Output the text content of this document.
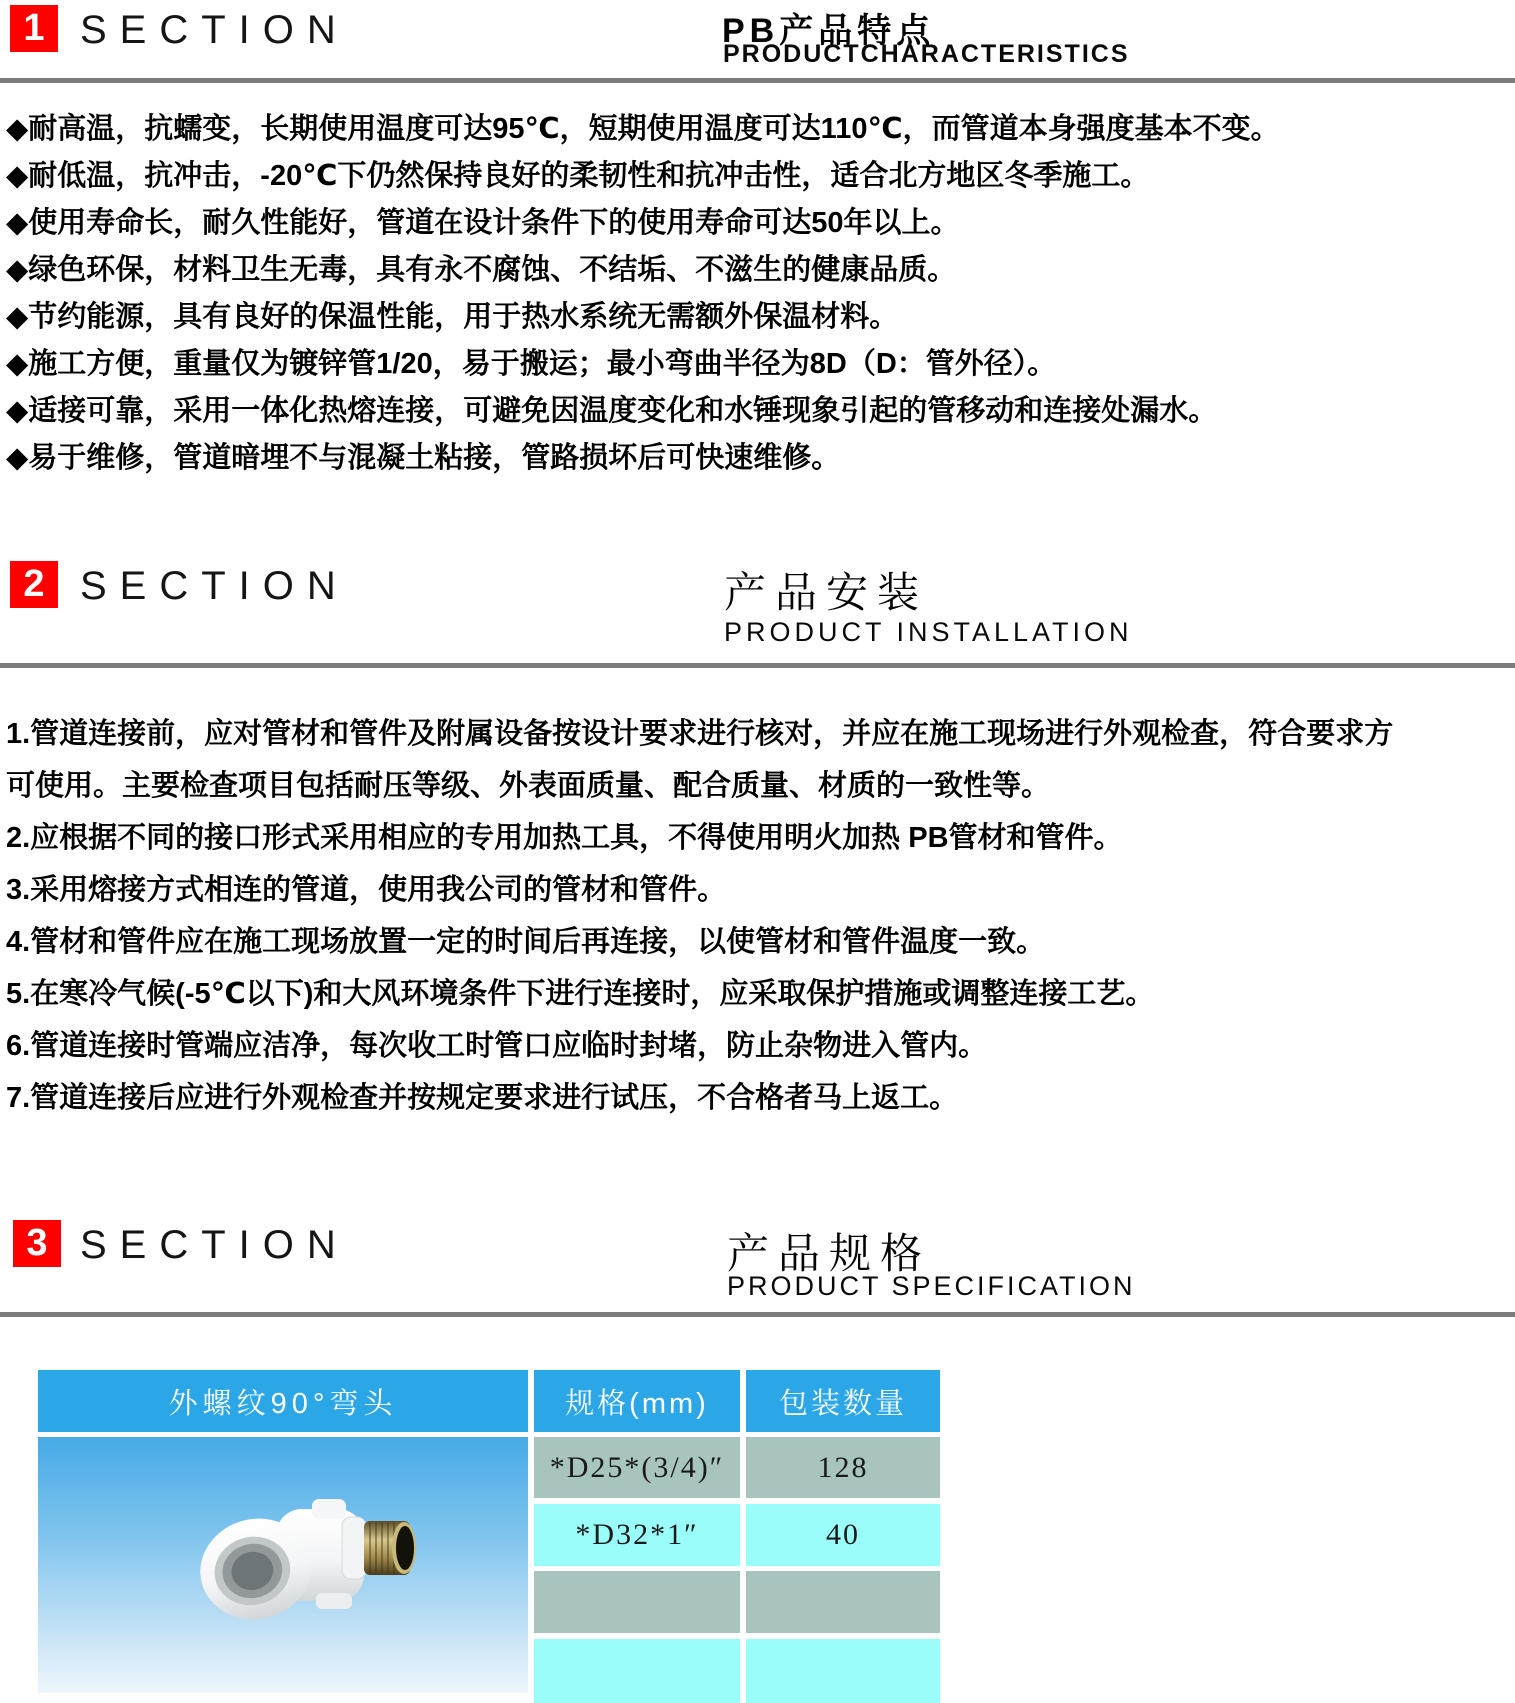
1 SECTION	PB产品特点
PRODUCTCHARACTERISTICS

◆耐高温，抗蠕变，长期使用温度可达95℃，短期使用温度可达110℃，而管道本身强度基本不变。

◆耐低温，抗冲击，-20℃下仍然保持良好的柔韧性和抗冲击性，适合北方地区冬季施工。

◆使用寿命长，耐久性能好，管道在设计条件下的使用寿命可达50年以上。

◆绿色环保，材料卫生无毒，具有永不腐蚀、不结垢、不滋生的健康品质。

◆节约能源，具有良好的保温性能，用于热水系统无需额外保温材料。

◆施工方便，重量仅为镀锌管1/20，易于搬运；最小弯曲半径为8D（D：管外径）。

◆适接可靠，采用一体化热熔连接，可避免因温度变化和水锤现象引起的管移动和连接处漏水。

◆易于维修，管道暗埋不与混凝土粘接，管路损坏后可快速维修。

2 SECTION	产品安装
PRODUCT INSTALLATION

1.管道连接前，应对管材和管件及附属设备按设计要求进行核对，并应在施工现场进行外观检查，符合要求方可使用。主要检查项目包括耐压等级、外表面质量、配合质量、材质的一致性等。

2.应根据不同的接口形式采用相应的专用加热工具，不得使用明火加热 PB管材和管件。

3.采用熔接方式相连的管道，使用我公司的管材和管件。

4.管材和管件应在施工现场放置一定的时间后再连接，以使管材和管件温度一致。

5.在寒冷气候(-5℃以下)和大风环境条件下进行连接时，应采取保护措施或调整连接工艺。

6.管道连接时管端应洁净，每次收工时管口应临时封堵，防止杂物进入管内。

7.管道连接后应进行外观检查并按规定要求进行试压，不合格者马上返工。

3 SECTION	产品规格
PRODUCT SPECIFICATION
外螺纹90°弯头	规格(mm)	包装数量
*D25*(3/4)″	128
*D32*1″	40
